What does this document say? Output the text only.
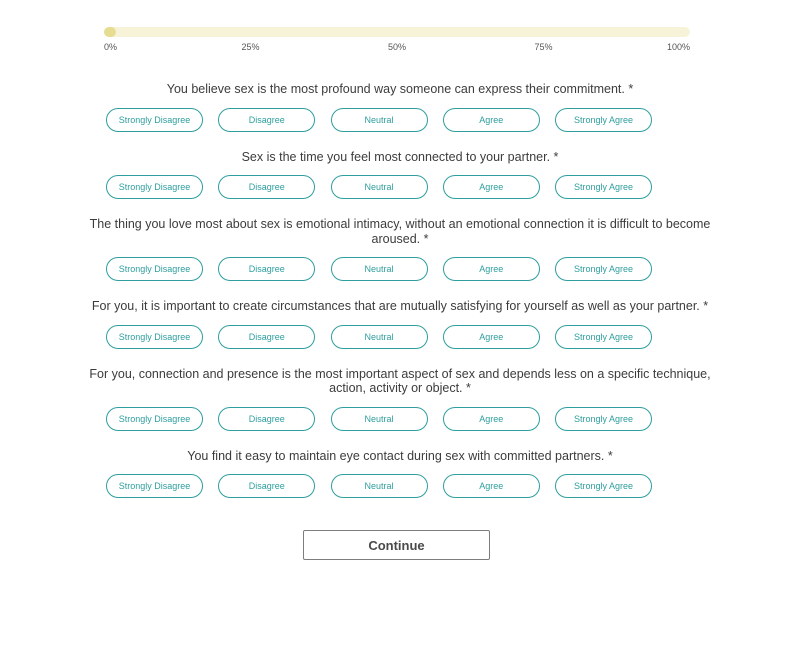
0%	25%	50%	75%	100%
You believe sex is the most profound way someone can express their commitment. *
Strongly Disagree	Disagree	Neutral	Agree	Strongly Agree
Sex is the time you feel most connected to your partner. *
Strongly Disagree	Disagree	Neutral	Agree	Strongly Agree
The thing you love most about sex is emotional intimacy, without an emotional connection it is difficult to become aroused. *
Strongly Disagree	Disagree	Neutral	Agree	Strongly Agree
For you, it is important to create circumstances that are mutually satisfying for yourself as well as your partner. *
Strongly Disagree	Disagree	Neutral	Agree	Strongly Agree
For you, connection and presence is the most important aspect of sex and depends less on a specific technique, action, activity or object. *
Strongly Disagree	Disagree	Neutral	Agree	Strongly Agree
You find it easy to maintain eye contact during sex with committed partners. *
Strongly Disagree	Disagree	Neutral	Agree	Strongly Agree
Continue
